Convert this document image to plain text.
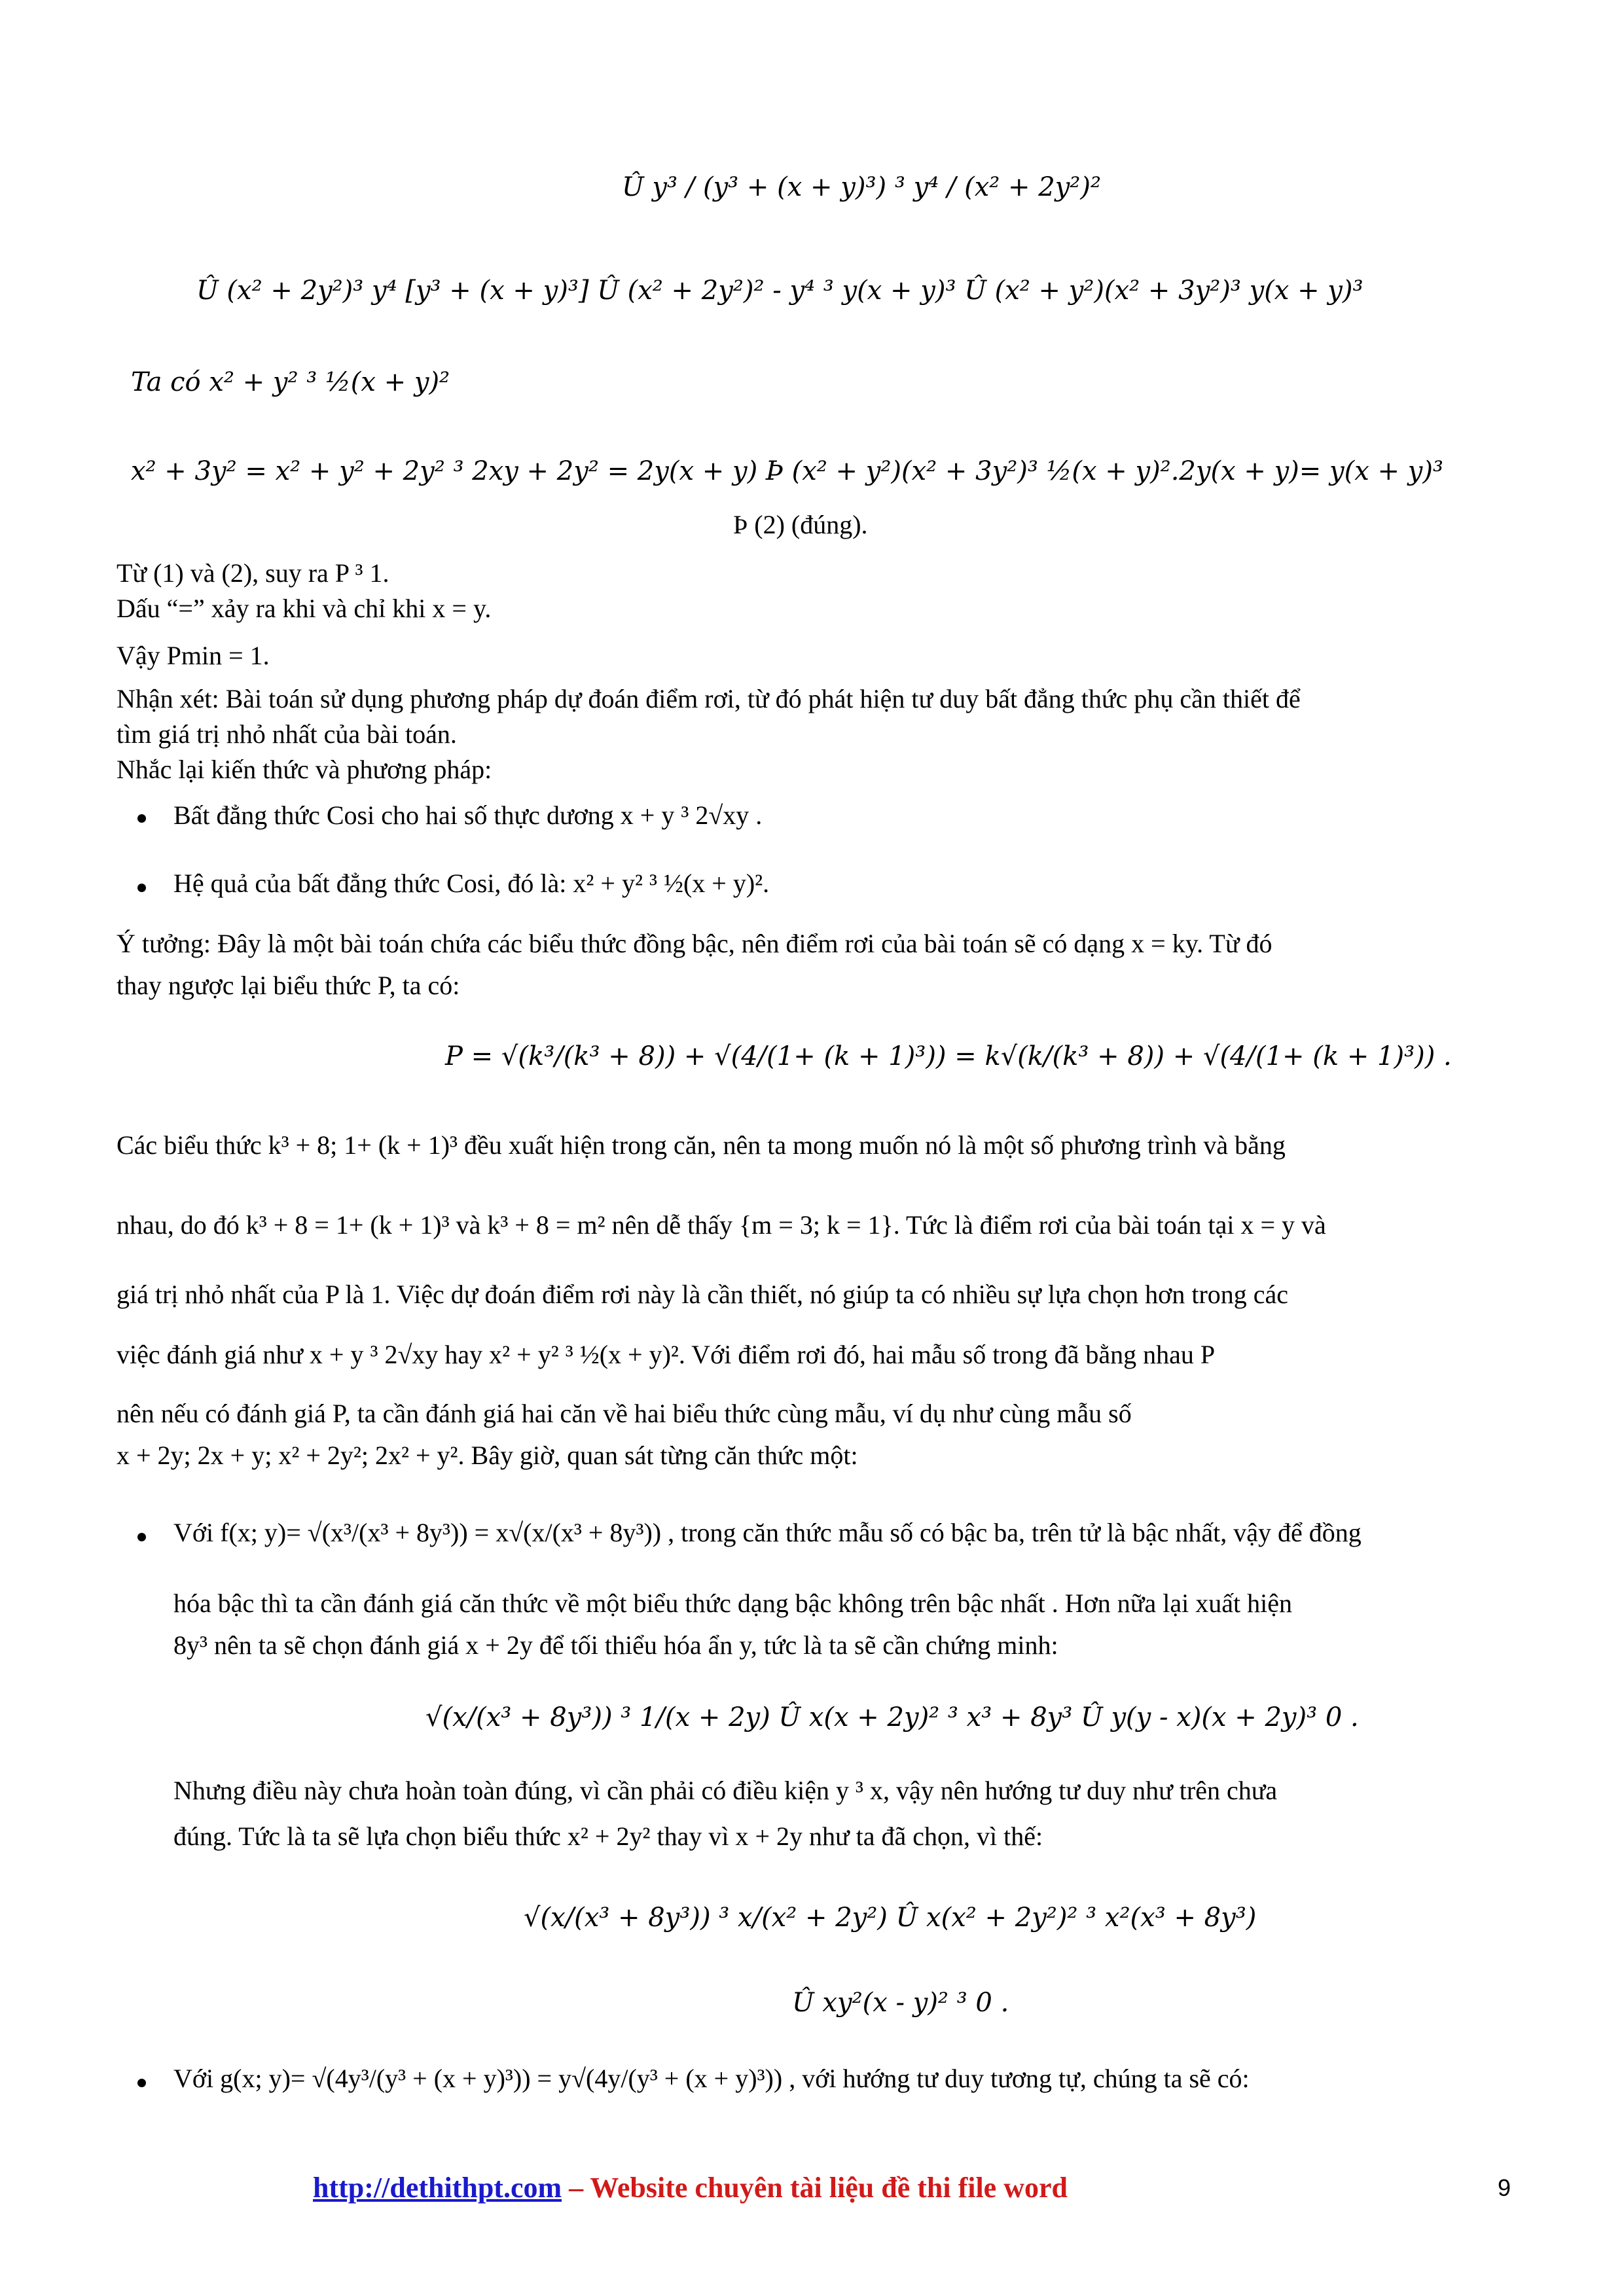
Û y³ / (y³ + (x + y)³) ³ y⁴ / (x² + 2y²)²
Û (x² + 2y²)³ y⁴ [y³ + (x + y)³] Û (x² + 2y²)² - y⁴ ³ y(x + y)³ Û (x² + y²)(x² + 3y²)³ y(x + y)³
Ta có x² + y² ³ ½(x + y)²
x² + 3y² = x² + y² + 2y² ³ 2xy + 2y² = 2y(x + y) Þ (x² + y²)(x² + 3y²)³ ½(x + y)².2y(x + y)= y(x + y)³
Þ (2) (đúng).
Từ (1) và (2), suy ra P ³ 1.
Dấu “=” xảy ra khi và chỉ khi x = y.
Vậy Pmin = 1.
Nhận xét: Bài toán sử dụng phương pháp dự đoán điểm rơi, từ đó phát hiện tư duy bất đẳng thức phụ cần thiết để
tìm giá trị nhỏ nhất của bài toán.
Nhắc lại kiến thức và phương pháp:
Bất đẳng thức Cosi cho hai số thực dương x + y ³ 2√xy .
Hệ quả của bất đẳng thức Cosi, đó là: x² + y² ³ ½(x + y)².
Ý tưởng: Đây là một bài toán chứa các biểu thức đồng bậc, nên điểm rơi của bài toán sẽ có dạng x = ky. Từ đó
thay ngược lại biểu thức P, ta có:
P = √(k³/(k³ + 8)) + √(4/(1+ (k + 1)³)) = k√(k/(k³ + 8)) + √(4/(1+ (k + 1)³)) .
Các biểu thức k³ + 8; 1+ (k + 1)³ đều xuất hiện trong căn, nên ta mong muốn nó là một số phương trình và bằng
nhau, do đó k³ + 8 = 1+ (k + 1)³ và k³ + 8 = m² nên dễ thấy {m = 3; k = 1}. Tức là điểm rơi của bài toán tại x = y và
giá trị nhỏ nhất của P là 1. Việc dự đoán điểm rơi này là cần thiết, nó giúp ta có nhiều sự lựa chọn hơn trong các
việc đánh giá như x + y ³ 2√xy hay x² + y² ³ ½(x + y)². Với điểm rơi đó, hai mẫu số trong đã bằng nhau P
nên nếu có đánh giá P, ta cần đánh giá hai căn về hai biểu thức cùng mẫu, ví dụ như cùng mẫu số
x + 2y; 2x + y; x² + 2y²; 2x² + y². Bây giờ, quan sát từng căn thức một:
Với f(x; y)= √(x³/(x³ + 8y³)) = x√(x/(x³ + 8y³)) , trong căn thức mẫu số có bậc ba, trên tử là bậc nhất, vậy để đồng
hóa bậc thì ta cần đánh giá căn thức về một biểu thức dạng bậc không trên bậc nhất . Hơn nữa lại xuất hiện
8y³ nên ta sẽ chọn đánh giá x + 2y để tối thiểu hóa ẩn y, tức là ta sẽ cần chứng minh:
√(x/(x³ + 8y³)) ³ 1/(x + 2y) Û x(x + 2y)² ³ x³ + 8y³ Û y(y - x)(x + 2y)³ 0 .
Nhưng điều này chưa hoàn toàn đúng, vì cần phải có điều kiện y ³ x, vậy nên hướng tư duy như trên chưa
đúng. Tức là ta sẽ lựa chọn biểu thức x² + 2y² thay vì x + 2y như ta đã chọn, vì thế:
√(x/(x³ + 8y³)) ³ x/(x² + 2y²) Û x(x² + 2y²)² ³ x²(x³ + 8y³)
Û xy²(x - y)² ³ 0 .
Với g(x; y)= √(4y³/(y³ + (x + y)³)) = y√(4y/(y³ + (x + y)³)) , với hướng tư duy tương tự, chúng ta sẽ có:
http://dethithpt.com – Website chuyên tài liệu đề thi file word	9
